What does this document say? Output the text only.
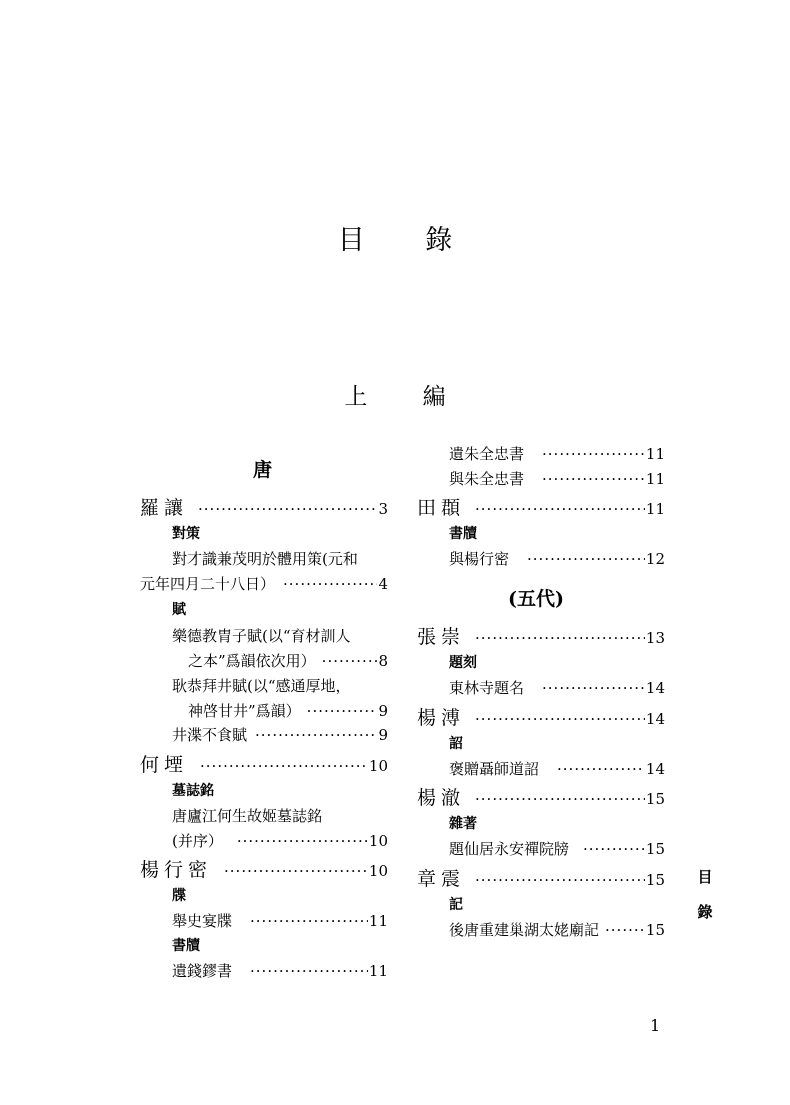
目 錄
上 編
唐
羅讓 ·····	3
對策
對才識兼茂明於體用策(元和
元年四月二十八日） ·····	4
賦
樂德教胄子賦(以“育材訓人
之本”爲韻依次用） ·····	8
耿恭拜井賦(以“感通厚地，
神啓甘井”爲韻） ·····	9
井渫不食賦 ·····	9
何堙 ·····	10
墓誌銘
唐廬江何生故姬墓誌銘
(并序） ·····	10
楊行密 ·····	10
牒
舉史宴牒 ·····	11
書牘
遺錢鏐書 ·····	11
遺朱全忠書 ·····	11
與朱全忠書 ·····	11
田頵 ·····	11
書牘
與楊行密 ·····	12
(五代)
張崇 ·····	13
題刻
東林寺題名 ·····	14
楊溥 ·····	14
詔
褒贈聶師道詔 ·····	14
楊澈 ·····	15
雜著
題仙居永安禪院牓 ·····	15
章震 ·····	15
記
後唐重建巢湖太姥廟記 ·····	15
目
錄
1
